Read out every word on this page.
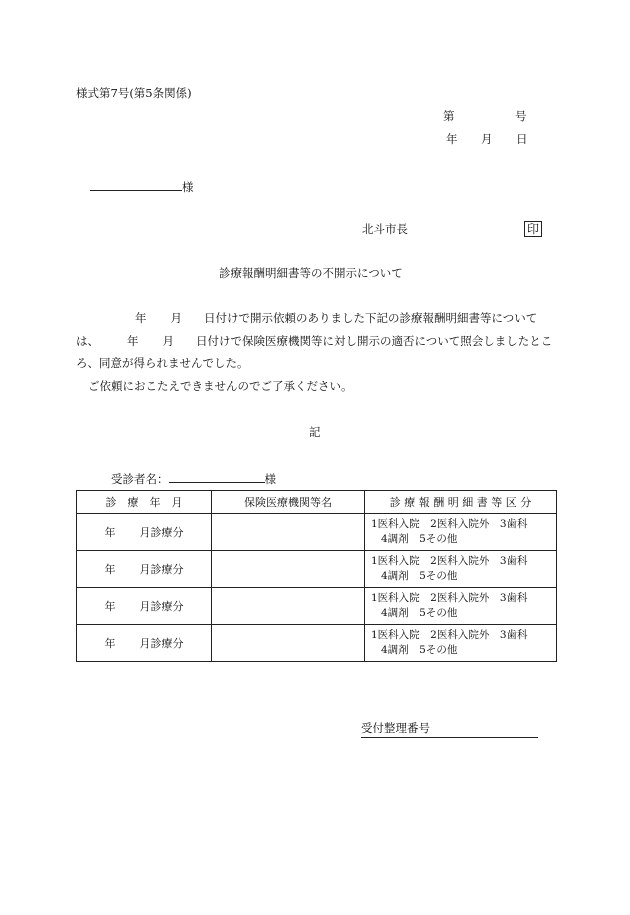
様式第7号(第5条関係)
第	号
年 月 日
様
北斗市長	印
診療報酬明細書等の不開示について

年 月 日付けで開示依頼のありました下記の診療報酬明細書等については、 年 月 日付けで保険医療機関等に対し開示の適否について照会しましたところ、同意が得られませんでした。

ご依頼におこたえできませんのでご了承ください。

記
受診者名：	様
診　療　年　月	保険医療機関等名	診 療 報 酬 明 細 書 等 区 分
年 月診療分		1医科入院　2医科入院外　3歯科
4調剤　5その他

年 月診療分		1医科入院　2医科入院外　3歯科
4調剤　5その他

年 月診療分		1医科入院　2医科入院外　3歯科
4調剤　5その他

年 月診療分		1医科入院　2医科入院外　3歯科
4調剤　5その他
受付整理番号
